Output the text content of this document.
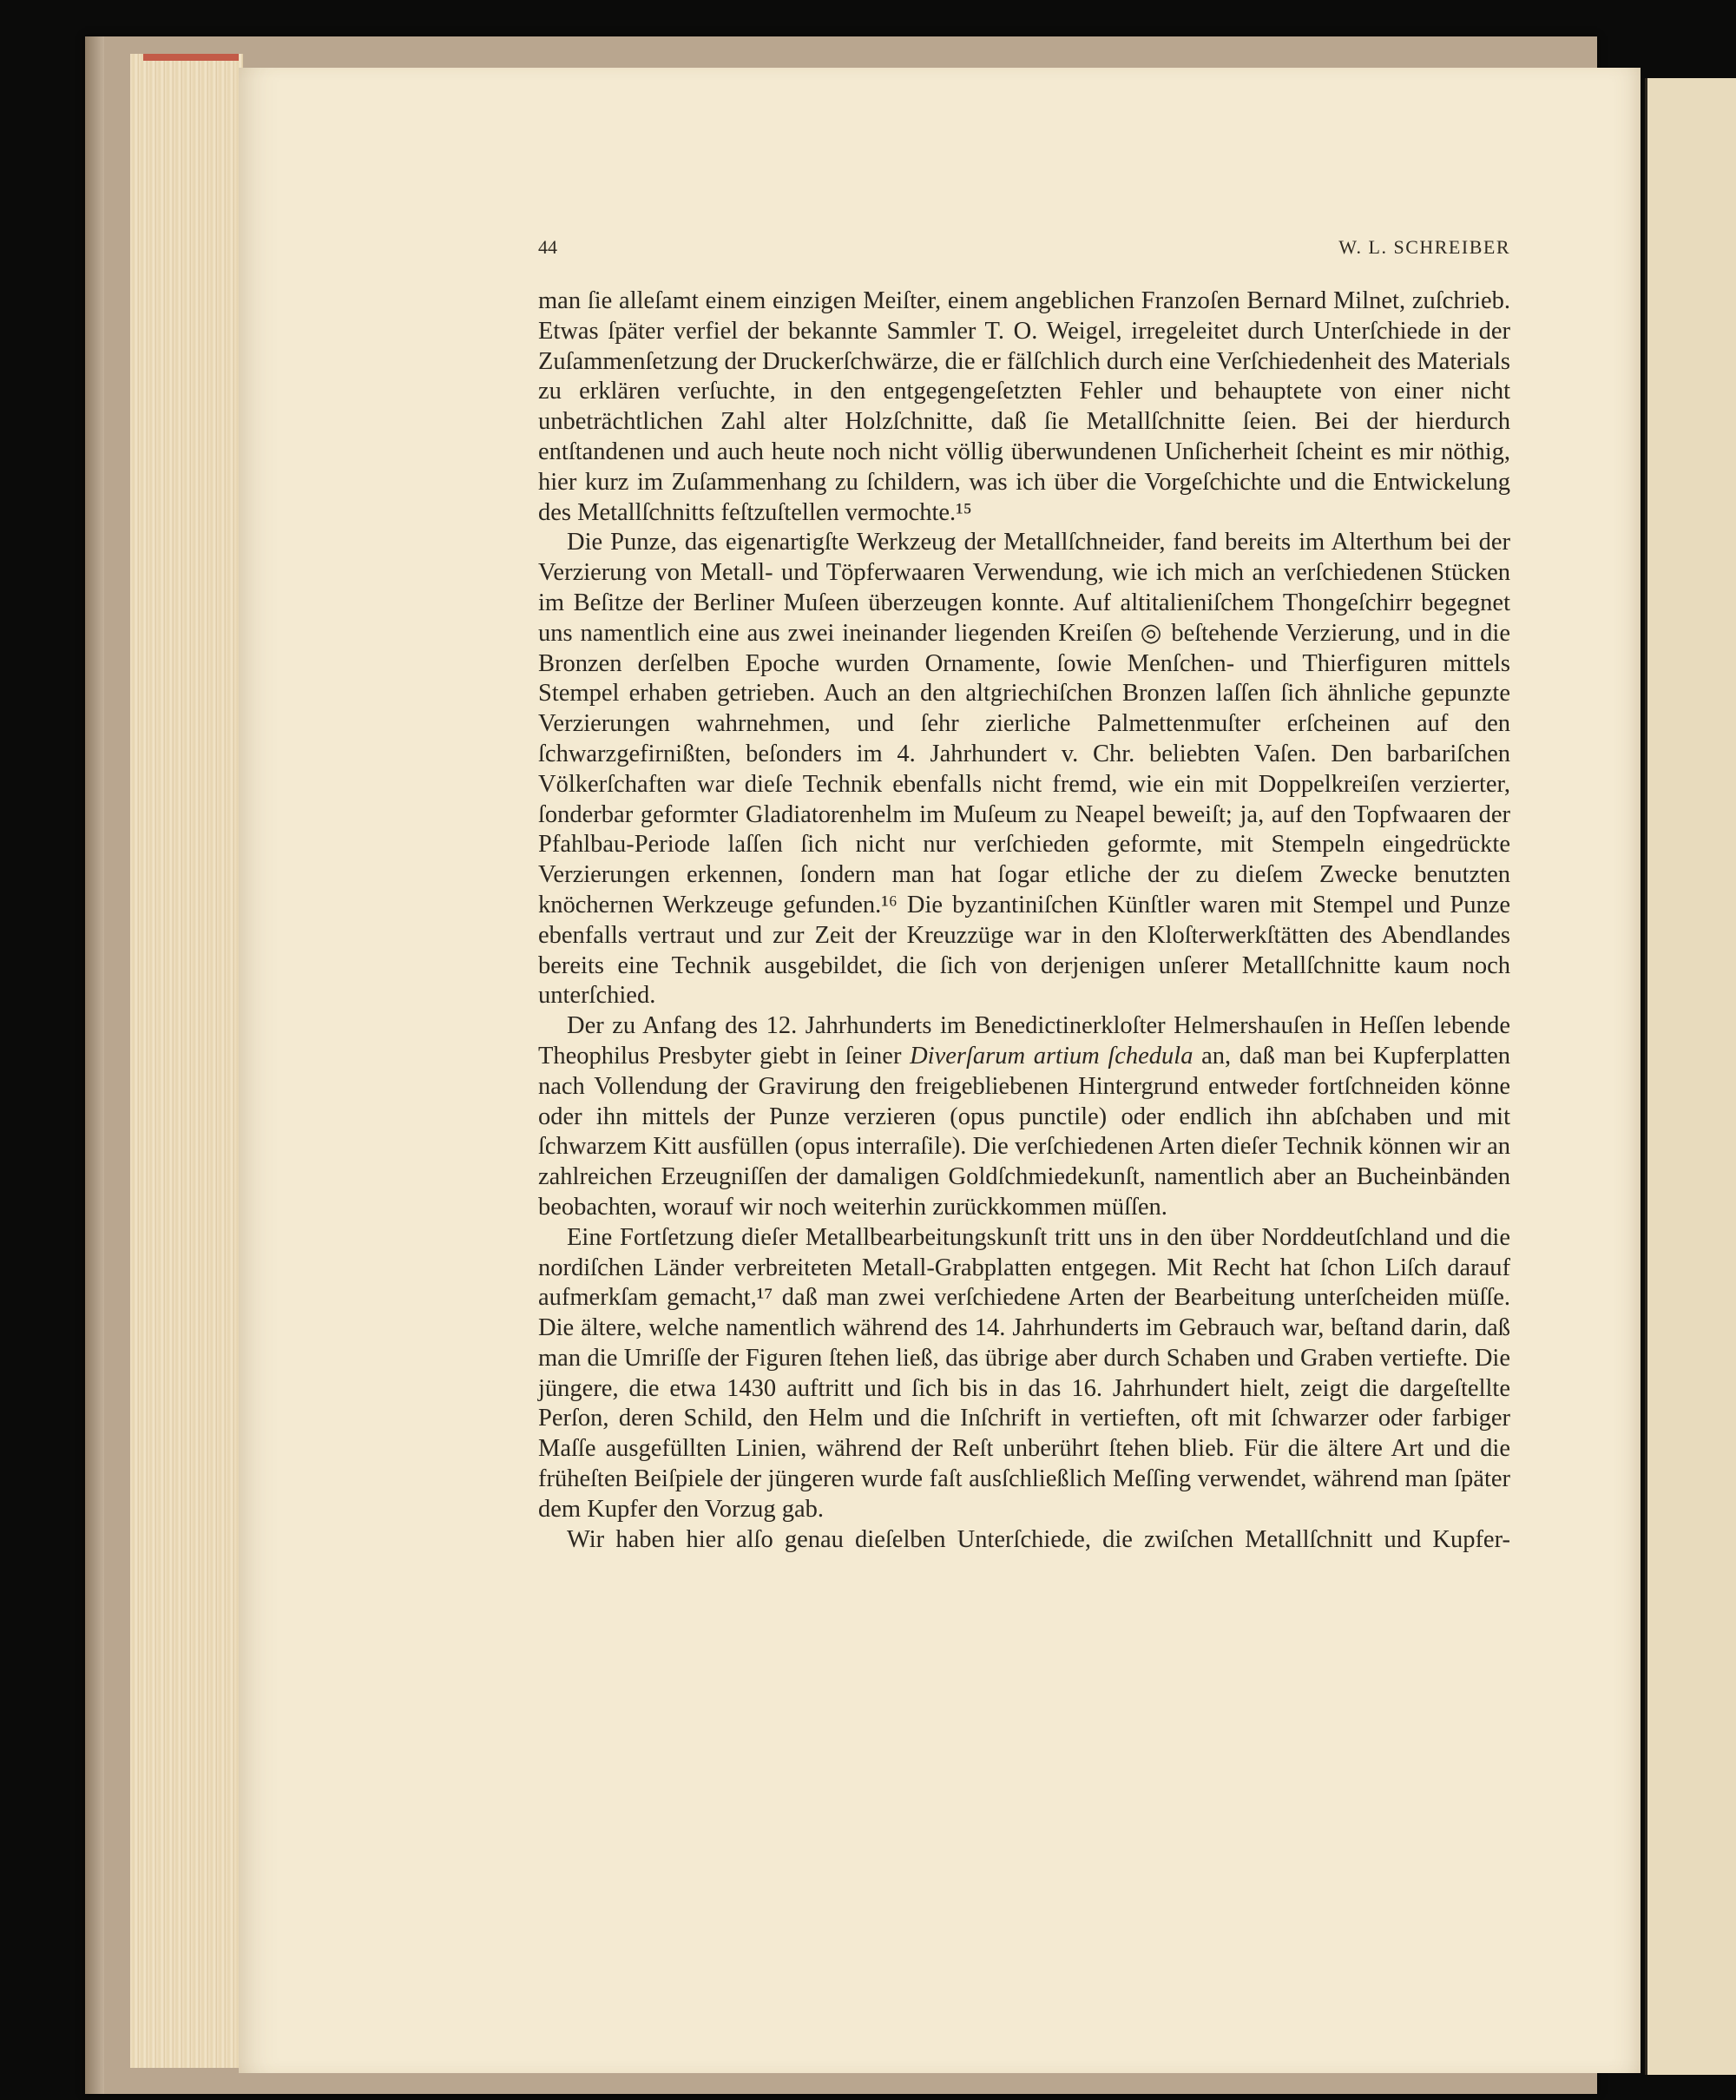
44	W. L. SCHREIBER

man ſie alleſamt einem einzigen Meiſter, einem angeblichen Franzoſen Bernard Milnet, zuſchrieb. Etwas ſpäter verfiel der bekannte Sammler T. O. Weigel, irregeleitet durch Unterſchiede in der Zuſammenſetzung der Druckerſchwärze, die er fälſchlich durch eine Verſchiedenheit des Materials zu erklären verſuchte, in den entgegengeſetzten Fehler und behauptete von einer nicht unbeträchtlichen Zahl alter Holzſchnitte, daß ſie Metallſchnitte ſeien. Bei der hierdurch entſtandenen und auch heute noch nicht völlig überwundenen Unſicherheit ſcheint es mir nöthig, hier kurz im Zuſammenhang zu ſchildern, was ich über die Vorgeſchichte und die Entwickelung des Metallſchnitts feſtzuſtellen vermochte.¹⁵

Die Punze, das eigenartigſte Werkzeug der Metallſchneider, fand bereits im Alterthum bei der Verzierung von Metall- und Töpferwaaren Verwendung, wie ich mich an verſchiedenen Stücken im Beſitze der Berliner Muſeen überzeugen konnte. Auf altitalieniſchem Thongeſchirr begegnet uns namentlich eine aus zwei ineinander liegenden Kreiſen ◎ beſtehende Verzierung, und in die Bronzen derſelben Epoche wurden Ornamente, ſowie Menſchen- und Thierfiguren mittels Stempel erhaben getrieben. Auch an den altgriechiſchen Bronzen laſſen ſich ähnliche gepunzte Verzierungen wahrnehmen, und ſehr zierliche Palmettenmuſter erſcheinen auf den ſchwarzgefirnißten, beſonders im 4. Jahrhundert v. Chr. beliebten Vaſen. Den barbariſchen Völkerſchaften war dieſe Technik ebenfalls nicht fremd, wie ein mit Doppelkreiſen verzierter, ſonderbar geformter Gladiatorenhelm im Muſeum zu Neapel beweiſt; ja, auf den Topfwaaren der Pfahlbau-Periode laſſen ſich nicht nur verſchieden geformte, mit Stempeln eingedrückte Verzierungen erkennen, ſondern man hat ſogar etliche der zu dieſem Zwecke benutzten knöchernen Werkzeuge gefunden.¹⁶ Die byzantiniſchen Künſtler waren mit Stempel und Punze ebenfalls vertraut und zur Zeit der Kreuzzüge war in den Kloſterwerkſtätten des Abendlandes bereits eine Technik ausgebildet, die ſich von derjenigen unſerer Metallſchnitte kaum noch unterſchied.

Der zu Anfang des 12. Jahrhunderts im Benedictinerkloſter Helmershauſen in Heſſen lebende Theophilus Presbyter giebt in ſeiner Diverſarum artium ſchedula an, daß man bei Kupferplatten nach Vollendung der Gravirung den freigebliebenen Hintergrund entweder fortſchneiden könne oder ihn mittels der Punze verzieren (opus punctile) oder endlich ihn abſchaben und mit ſchwarzem Kitt ausfüllen (opus interraſile). Die verſchiedenen Arten dieſer Technik können wir an zahlreichen Erzeugniſſen der damaligen Goldſchmiedekunſt, namentlich aber an Bucheinbänden beobachten, worauf wir noch weiterhin zurückkommen müſſen.

Eine Fortſetzung dieſer Metallbearbeitungskunſt tritt uns in den über Norddeutſchland und die nordiſchen Länder verbreiteten Metall-Grabplatten entgegen. Mit Recht hat ſchon Liſch darauf aufmerkſam gemacht,¹⁷ daß man zwei verſchiedene Arten der Bearbeitung unterſcheiden müſſe. Die ältere, welche namentlich während des 14. Jahrhunderts im Gebrauch war, beſtand darin, daß man die Umriſſe der Figuren ſtehen ließ, das übrige aber durch Schaben und Graben vertiefte. Die jüngere, die etwa 1430 auftritt und ſich bis in das 16. Jahrhundert hielt, zeigt die dargeſtellte Perſon, deren Schild, den Helm und die Inſchrift in vertieften, oft mit ſchwarzer oder farbiger Maſſe ausgefüllten Linien, während der Reſt unberührt ſtehen blieb. Für die ältere Art und die früheſten Beiſpiele der jüngeren wurde faſt ausſchließlich Meſſing verwendet, während man ſpäter dem Kupfer den Vorzug gab.

Wir haben hier alſo genau dieſelben Unterſchiede, die zwiſchen Metallſchnitt und Kupfer-
